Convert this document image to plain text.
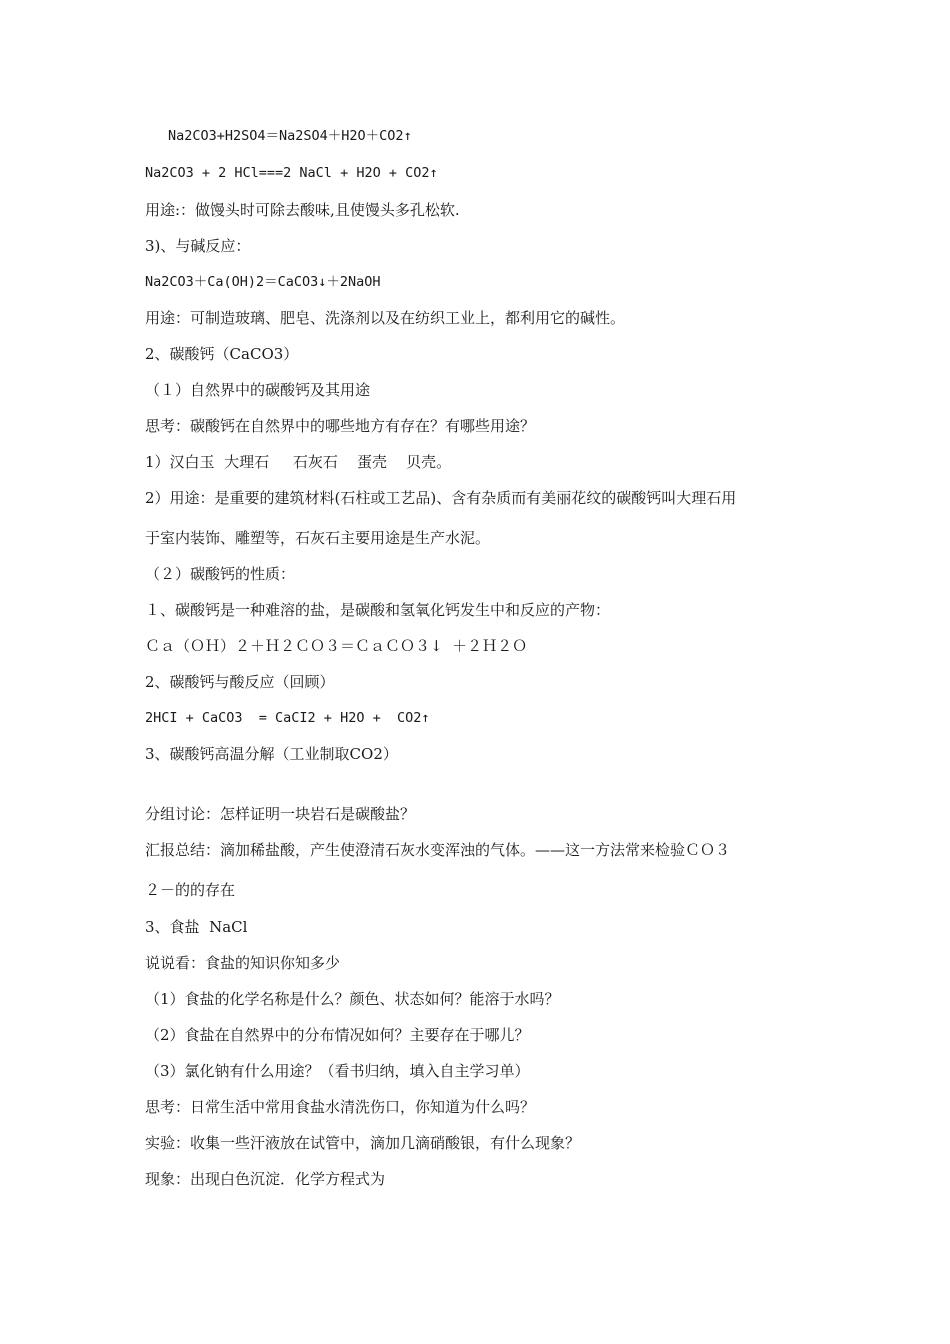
Na2CO3+H2SO4＝Na2SO4＋H2O＋CO2↑
Na2CO3 + 2 HCl===2 NaCl + H2O + CO2↑
用途:：做馒头时可除去酸味,且使馒头多孔松软.
3)、与碱反应：
Na2CO3＋Ca(OH)2＝CaCO3↓＋2NaOH
用途：可制造玻璃、肥皂、洗涤剂以及在纺织工业上，都利用它的碱性。
2、碳酸钙（CaCO3）
（１）自然界中的碳酸钙及其用途
思考：碳酸钙在自然界中的哪些地方有存在？有哪些用途？
1）汉白玉  大理石     石灰石    蛋壳    贝壳。
2）用途：是重要的建筑材料(石柱或工艺品)、含有杂质而有美丽花纹的碳酸钙叫大理石用
于室内装饰、雕塑等，石灰石主要用途是生产水泥。
（２）碳酸钙的性质：
１、碳酸钙是一种难溶的盐，是碳酸和氢氧化钙发生中和反应的产物：
Ｃａ（ＯＨ）２＋Ｈ２ＣＯ３＝ＣａＣＯ３↓  ＋２Ｈ２Ｏ
2、碳酸钙与酸反应（回顾）
2HCI + CaCO3  = CaCI2 + H2O +  CO2↑
3、碳酸钙高温分解（工业制取CO2）
分组讨论：怎样证明一块岩石是碳酸盐？
汇报总结：滴加稀盐酸，产生使澄清石灰水变浑浊的气体。——这一方法常来检验ＣＯ３
２－的的存在
3、食盐  NaCl
说说看：食盐的知识你知多少
（1）食盐的化学名称是什么？颜色、状态如何？能溶于水吗？
（2）食盐在自然界中的分布情况如何？主要存在于哪儿？
（3）氯化钠有什么用途？（看书归纳，填入自主学习单）
思考：日常生活中常用食盐水清洗伤口，你知道为什么吗？
实验：收集一些汗液放在试管中，滴加几滴硝酸银，有什么现象？
现象：出现白色沉淀．化学方程式为
